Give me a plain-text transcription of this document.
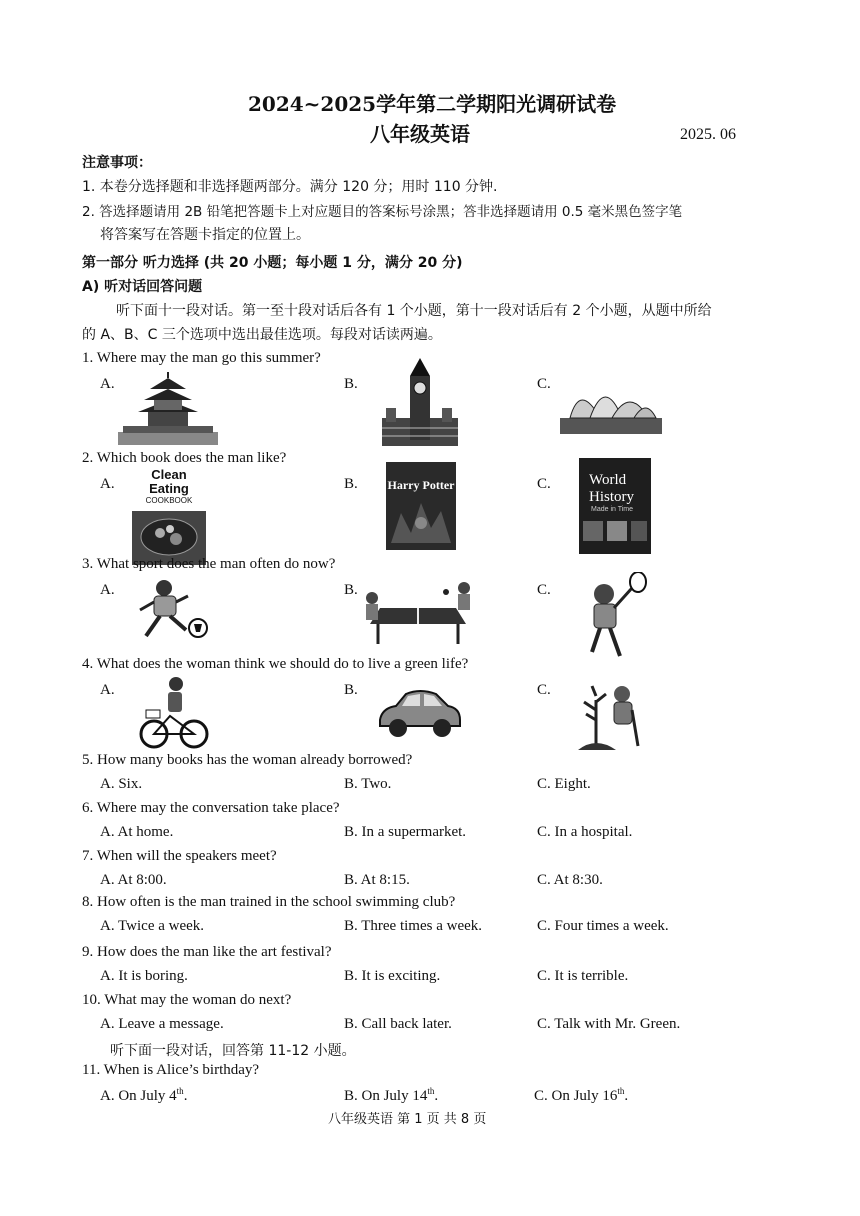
2024~2025学年第二学期阳光调研试卷
八年级英语	2025. 06
注意事项：
1. 本卷分选择题和非选择题两部分。满分 120 分；用时 110 分钟.
2. 答选择题请用 2B 铅笔把答题卡上对应题目的答案标号涂黑；答非选择题请用 0.5 毫米黑色签字笔
将答案写在答题卡指定的位置上。
第一部分 听力选择 (共 20 小题；每小题 1 分，满分 20 分)
A) 听对话回答问题
听下面十一段对话。第一至十段对话后各有 1 个小题，第十一段对话后有 2 个小题，从题中所给
的 A、B、C 三个选项中选出最佳选项。每段对话读两遍。
1. Where may the man go this summer?
A.	B.	C.
2. Which book does the man like?
A.	B.	C.
Clean Eating
COOKBOOK
Harry Potter	World
History
Made in Time
3. What sport does the man often do now?
A.	B.	C.
4. What does the woman think we should do to live a green life?
A.	B.	C.
5. How many books has the woman already borrowed?
A. Six.	B. Two.	C. Eight.
6. Where may the conversation take place?
A. At home.	B. In a supermarket.	C. In a hospital.
7. When will the speakers meet?
A. At 8:00.	B. At 8:15.	C. At 8:30.
8. How often is the man trained in the school swimming club?
A. Twice a week.	B. Three times a week.	C. Four times a week.
9. How does the man like the art festival?
A. It is boring.	B. It is exciting.	C. It is terrible.
10. What may the woman do next?
A. Leave a message.	B. Call back later.	C. Talk with Mr. Green.
听下面一段对话，回答第 11-12 小题。
11. When is Alice’s birthday?
A. On July 4th.	B. On July 14th.	C. On July 16th.
八年级英语 第 1 页 共 8 页
